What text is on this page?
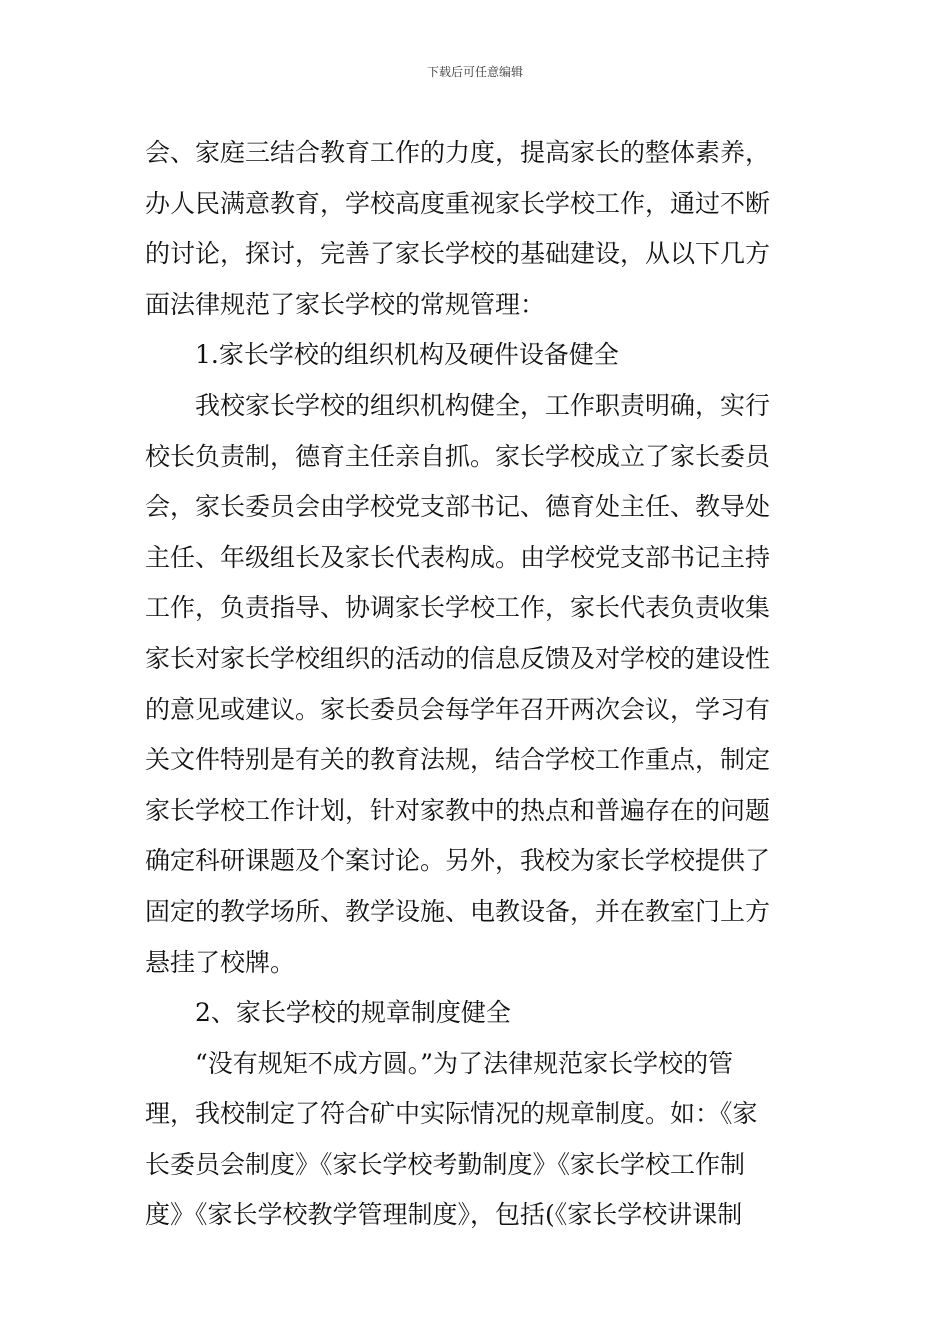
下载后可任意编辑
会、家庭三结合教育工作的力度，提高家长的整体素养，
办人民满意教育，学校高度重视家长学校工作，通过不断
的讨论，探讨，完善了家长学校的基础建设，从以下几方
面法律规范了家长学校的常规管理：
1.家长学校的组织机构及硬件设备健全
我校家长学校的组织机构健全，工作职责明确，实行
校长负责制，德育主任亲自抓。家长学校成立了家长委员
会，家长委员会由学校党支部书记、德育处主任、教导处
主任、年级组长及家长代表构成。由学校党支部书记主持
工作，负责指导、协调家长学校工作，家长代表负责收集
家长对家长学校组织的活动的信息反馈及对学校的建设性
的意见或建议。家长委员会每学年召开两次会议，学习有
关文件特别是有关的教育法规，结合学校工作重点，制定
家长学校工作计划，针对家教中的热点和普遍存在的问题
确定科研课题及个案讨论。另外，我校为家长学校提供了
固定的教学场所、教学设施、电教设备，并在教室门上方
悬挂了校牌。
2、家长学校的规章制度健全
“没有规矩不成方圆。”为了法律规范家长学校的管
理，我校制定了符合矿中实际情况的规章制度。如：《家
长委员会制度》《家长学校考勤制度》《家长学校工作制
度》《家长学校教学管理制度》，包括(《家长学校讲课制
